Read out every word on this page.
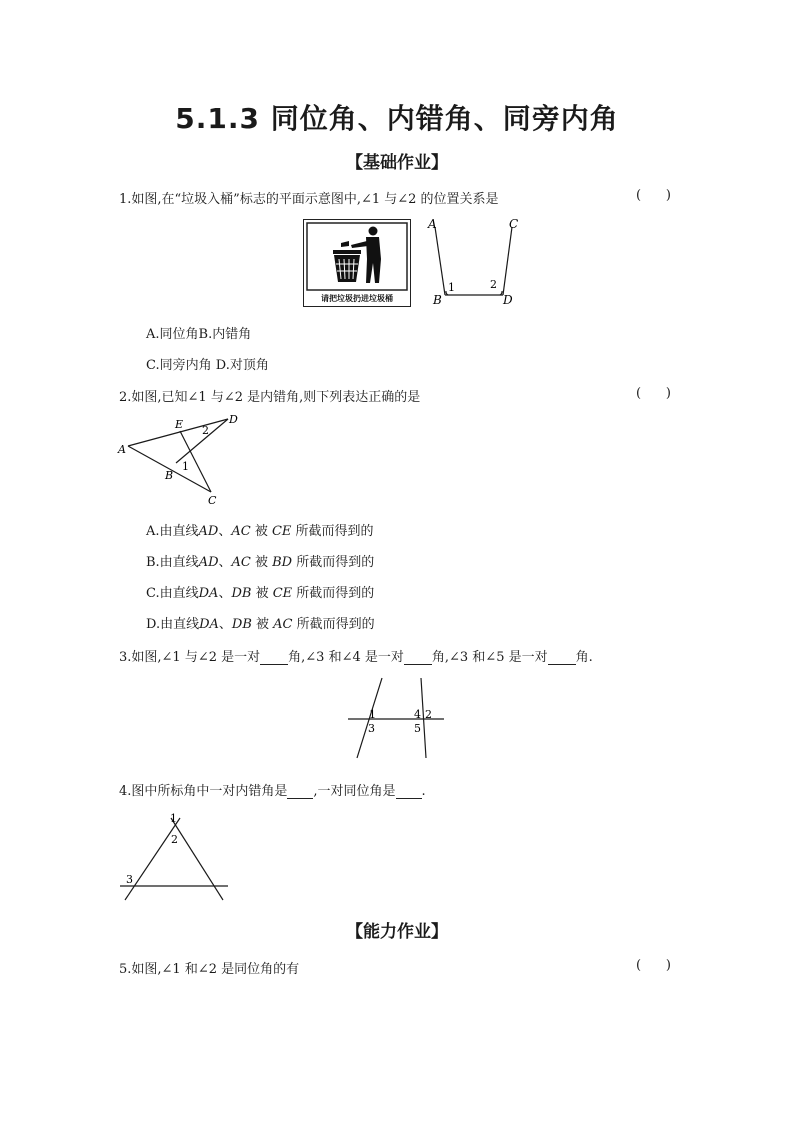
5.1.3 同位角、内错角、同旁内角
【基础作业】
1.如图,在“垃圾入桶”标志的平面示意图中,∠1 与∠2 的位置关系是	(      )
请把垃圾扔进垃圾桶
A	C
B	D
1	2
A.同位角B.内错角
C.同旁内角 D.对顶角
2.如图,已知∠1 与∠2 是内错角,则下列表达正确的是	(      )
A
D
E
B
C
2
1
A.由直线AD、AC 被 CE 所截而得到的
B.由直线AD、AC 被 BD 所截而得到的
C.由直线DA、DB 被 CE 所截而得到的
D.由直线DA、DB 被 AC 所截而得到的
3.如图,∠1 与∠2 是一对 角,∠3 和∠4 是一对 角,∠3 和∠5 是一对 角.
1
3
4 2
5
4.图中所标角中一对内错角是 ,一对同位角是 .
1
2
3
【能力作业】
5.如图,∠1 和∠2 是同位角的有	(      )
